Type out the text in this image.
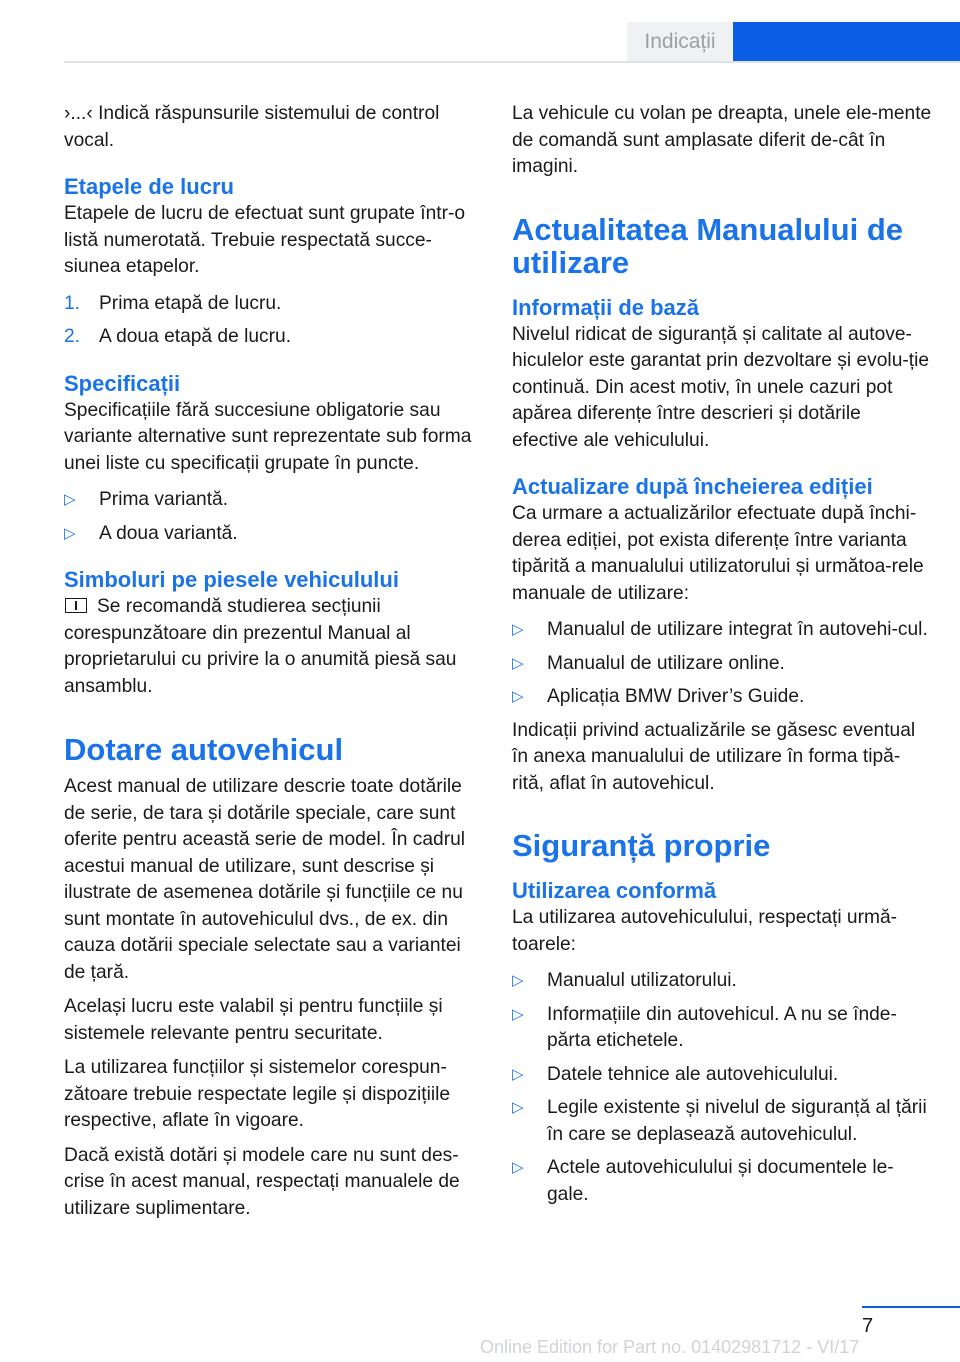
Indicații

›...‹ Indică răspunsurile sistemului de control vocal.

Etapele de lucru

Etapele de lucru de efectuat sunt grupate într-o listă numerotată. Trebuie respectată succe-siunea etapelor.

1. Prima etapă de lucru.
2. A doua etapă de lucru.
Specificații

Specificațiile fără succesiune obligatorie sau variante alternative sunt reprezentate sub forma unei liste cu specificații grupate în puncte.

▷	Prima variantă.
▷	A doua variantă.
Simboluri pe piesele vehiculului

Se recomandă studierea secțiunii corespunzătoare din prezentul Manual al proprietarului cu privire la o anumită piesă sau ansamblu.

Dotare autovehicul

Acest manual de utilizare descrie toate dotările de serie, de tara și dotările speciale, care sunt oferite pentru această serie de model. În cadrul acestui manual de utilizare, sunt descrise și ilustrate de asemenea dotările și funcțiile ce nu sunt montate în autovehiculul dvs., de ex. din cauza dotării speciale selectate sau a variantei de țară.

Același lucru este valabil și pentru funcțiile și sistemele relevante pentru securitate.

La utilizarea funcțiilor și sistemelor corespun-zătoare trebuie respectate legile și dispozițiile respective, aflate în vigoare.

Dacă există dotări și modele care nu sunt des-crise în acest manual, respectați manualele de utilizare suplimentare.

La vehicule cu volan pe dreapta, unele ele-mente de comandă sunt amplasate diferit de-cât în imagini.

Actualitatea Manualului de utilizare
Informații de bază

Nivelul ridicat de siguranță și calitate al autove-hiculelor este garantat prin dezvoltare și evolu-ție continuă. Din acest motiv, în unele cazuri pot apărea diferențe între descrieri și dotările efective ale vehiculului.

Actualizare după încheierea ediției

Ca urmare a actualizărilor efectuate după închi-derea ediției, pot exista diferențe între varianta tipărită a manualului utilizatorului și următoa-rele manuale de utilizare:

▷	Manualul de utilizare integrat în autovehi-cul.
▷	Manualul de utilizare online.
▷	Aplicația BMW Driver’s Guide.

Indicații privind actualizările se găsesc eventual în anexa manualului de utilizare în forma tipă-rită, aflat în autovehicul.

Siguranță proprie
Utilizarea conformă

La utilizarea autovehiculului, respectați urmă-toarele:

▷	Manualul utilizatorului.
▷	Informațiile din autovehicul. A nu se înde-părta etichetele.
▷	Datele tehnice ale autovehiculului.
▷	Legile existente și nivelul de siguranță al țării în care se deplasează autovehiculul.
▷	Actele autovehiculului și documentele le-gale.
7
Online Edition for Part no. 01402981712 - VI/17
